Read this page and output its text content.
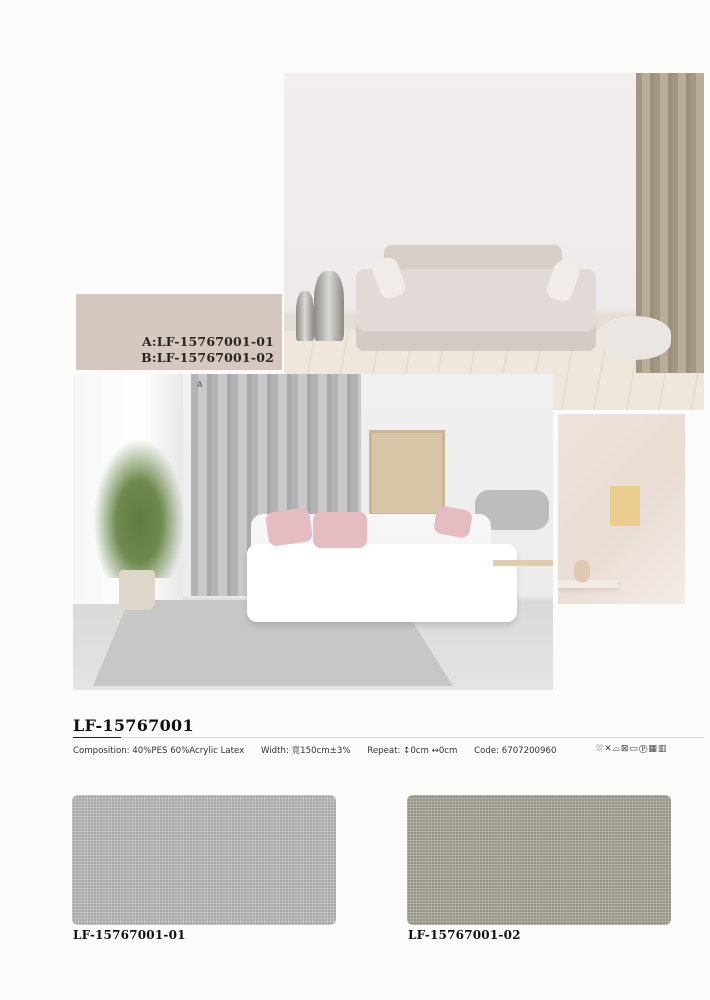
A:LF-15767001-01
B:LF-15767001-02
A
LF-15767001
Composition: 40%PES 60%Acrylic Latex Width: 寬150cm±3% Repeat: ↕0cm ↔0cm Code: 6707200960	⛆✕⌓⊠▭Ⓟ▦▥
LF-15767001-01	LF-15767001-02
